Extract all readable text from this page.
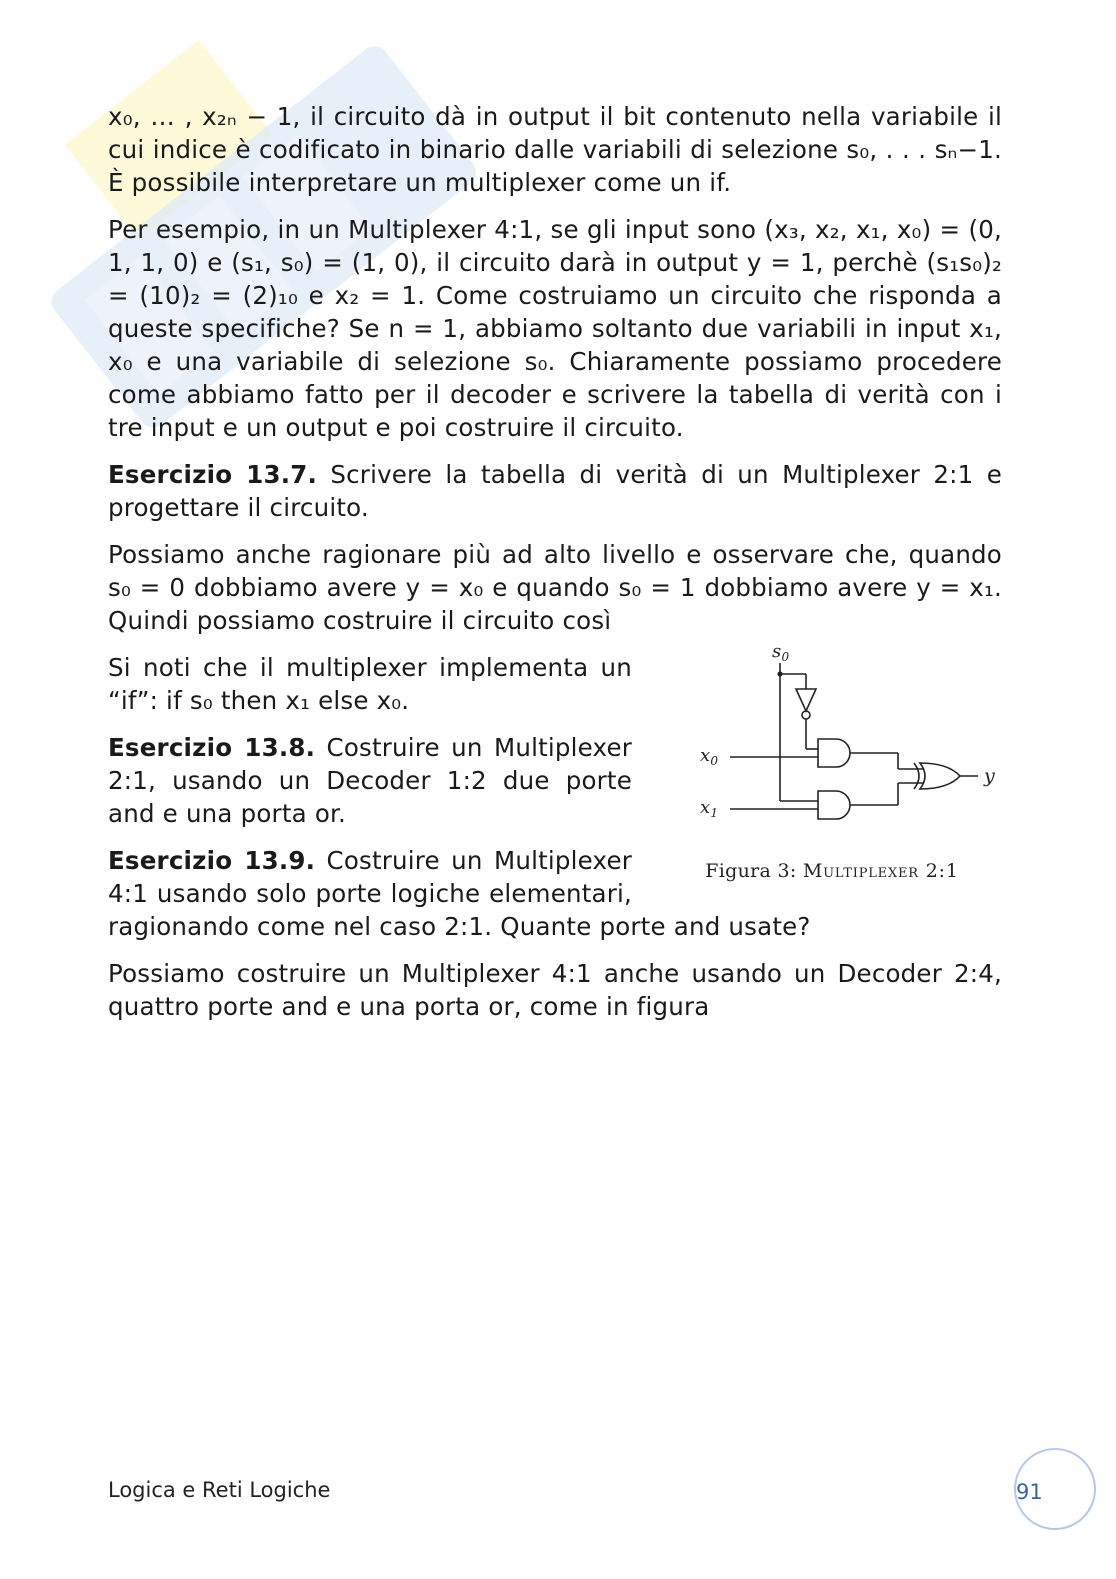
x₀, … , x₂ₙ − 1, il circuito dà in output il bit contenuto nella variabile il cui indice è codificato in binario dalle variabili di selezione s₀, . . . sₙ−1. È possibile interpretare un multiplexer come un if.

Per esempio, in un Multiplexer 4:1, se gli input sono (x₃, x₂, x₁, x₀) = (0, 1, 1, 0) e (s₁, s₀) = (1, 0), il circuito darà in output y = 1, perchè (s₁s₀)₂ = (10)₂ = (2)₁₀ e x₂ = 1. Come costruiamo un circuito che risponda a queste specifiche? Se n = 1, abbiamo soltanto due variabili in input x₁, x₀ e una variabile di selezione s₀. Chiaramente possiamo procedere come abbiamo fatto per il decoder e scrivere la tabella di verità con i tre input e un output e poi costruire il circuito.

Esercizio 13.7. Scrivere la tabella di verità di un Multiplexer 2:1 e progettare il circuito.

Possiamo anche ragionare più ad alto livello e osservare che, quando s₀ = 0 dobbiamo avere y = x₀ e quando s₀ = 1 dobbiamo avere y = x₁. Quindi possiamo costruire il circuito così

$s_0$
$x_0$
$x_1$
y
Figura 3: Multiplexer 2:1

Si noti che il multiplexer implementa un “if”: if s₀ then x₁ else x₀.

Esercizio 13.8. Costruire un Multiplexer 2:1, usando un Decoder 1:2 due porte and e una porta or.

Esercizio 13.9. Costruire un Multiplexer 4:1 usando solo porte logiche elementari, ragionando come nel caso 2:1. Quante porte and usate?

Possiamo costruire un Multiplexer 4:1 anche usando un Decoder 2:4, quattro porte and e una porta or, come in figura

Logica e Reti Logiche	91
